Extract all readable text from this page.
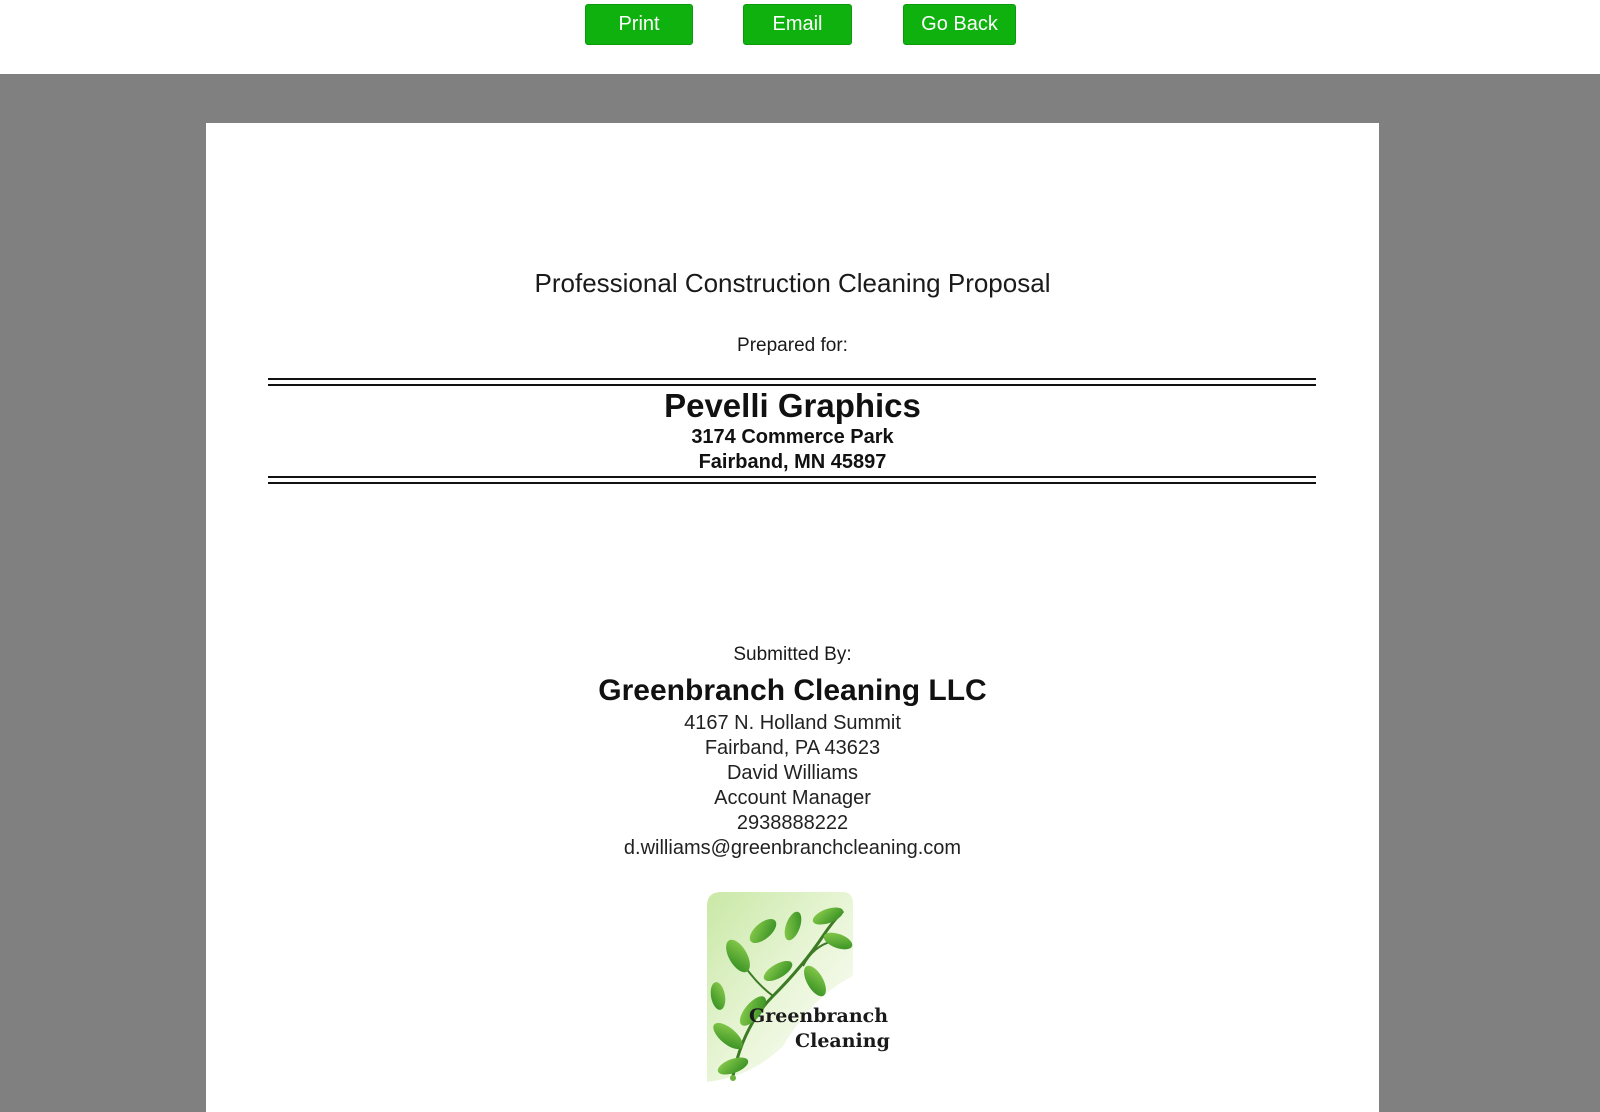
Print	Email	Go Back
Professional Construction Cleaning Proposal
Prepared for:
Pevelli Graphics
3174 Commerce Park
Fairband, MN 45897
Submitted By:
Greenbranch Cleaning LLC
4167 N. Holland Summit
Fairband, PA 43623
David Williams
Account Manager
2938888222
d.williams@greenbranchcleaning.com
Greenbranch
Cleaning
